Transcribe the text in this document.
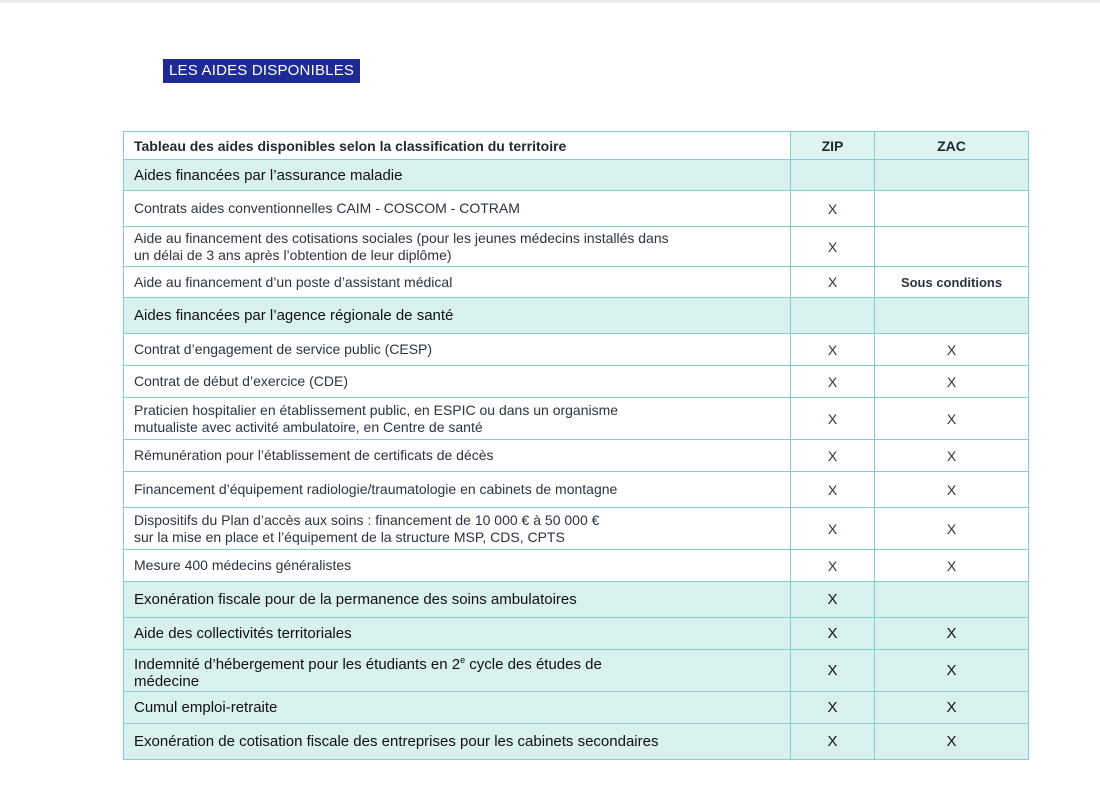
LES AIDES DISPONIBLES
Tableau des aides disponibles selon la classification du territoire	ZIP	ZAC

Aides financées par l’assurance maladie		

Contrats aides conventionnelles CAIM - COSCOM - COTRAM	X	

Aide au financement des cotisations sociales (pour les jeunes médecins installés dans
un délai de 3 ans après l’obtention de leur diplôme)	X	

Aide au financement d’un poste d’assistant médical	X	Sous conditions

Aides financées par l’agence régionale de santé		

Contrat d’engagement de service public (CESP)	X	X

Contrat de début d’exercice (CDE)	X	X

Praticien hospitalier en établissement public, en ESPIC ou dans un organisme
mutualiste avec activité ambulatoire, en Centre de santé	X	X

Rémunération pour l’établissement de certificats de décès	X	X

Financement d’équipement radiologie/traumatologie en cabinets de montagne	X	X

Dispositifs du Plan d’accès aux soins : financement de 10 000 € à 50 000 €
sur la mise en place et l’équipement de la structure MSP, CDS, CPTS	X	X

Mesure 400 médecins généralistes	X	X

Exonération fiscale pour de la permanence des soins ambulatoires	X	

Aide des collectivités territoriales	X	X

Indemnité d’hébergement pour les étudiants en 2e cycle des études de
médecine	X	X

Cumul emploi-retraite	X	X

Exonération de cotisation fiscale des entreprises pour les cabinets secondaires	X	X
